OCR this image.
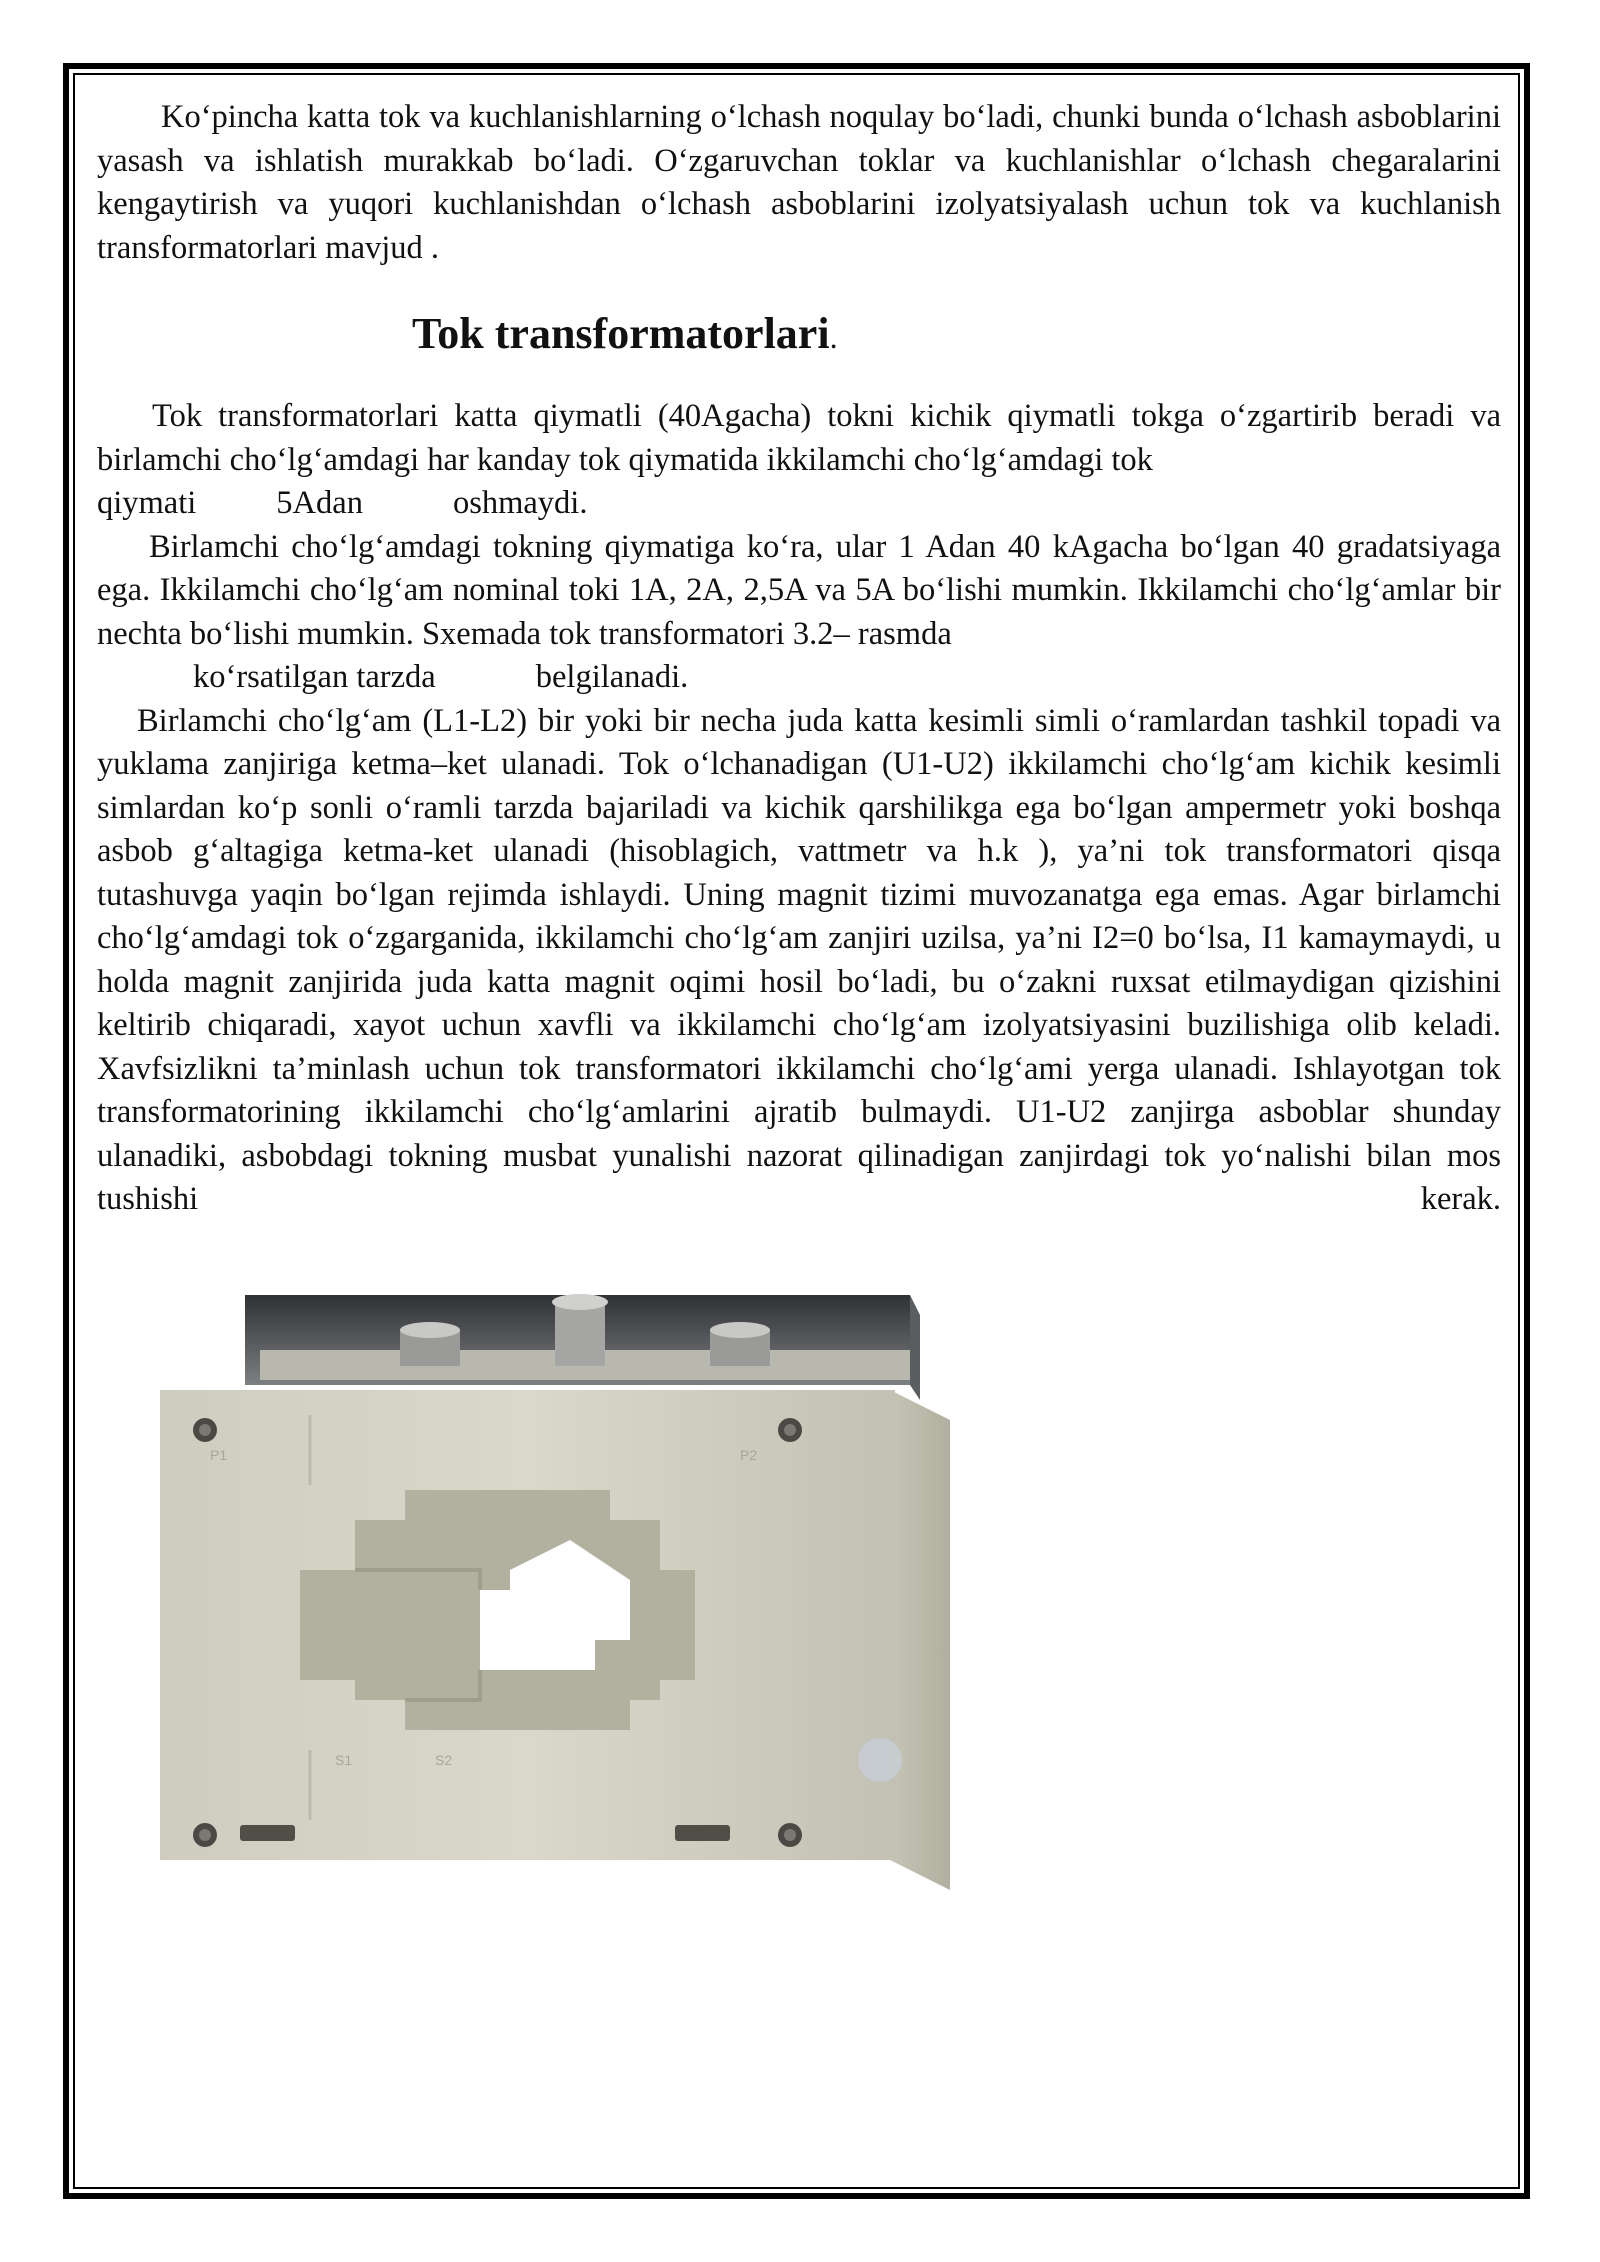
Ko‘pincha katta tok va kuchlanishlarning o‘lchash noqulay bo‘ladi, chunki bunda o‘lchash asboblarini yasash va ishlatish murakkab bo‘ladi. O‘zgaruvchan toklar va kuchlanishlar o‘lchash chegaralarini kengaytirish va yuqori kuchlanishdan o‘lchash asboblarini izolyatsiyalash uchun tok va kuchlanish transformatorlari mavjud .

Tok transformatorlari.

Tok transformatorlari katta qiymatli (40Agacha) tokni kichik qiymatli tokga o‘zgartirib beradi va birlamchi cho‘lg‘amdagi har kanday tok qiymatida ikkilamchi cho‘lg‘amdagi tok
qiymati 5Adan	oshmaydi.

Birlamchi cho‘lg‘amdagi tokning qiymatiga ko‘ra, ular 1 Adan 40 kAgacha bo‘lgan 40 gradatsiyaga ega. Ikkilamchi cho‘lg‘am nominal toki 1A, 2A, 2,5A va 5A bo‘lishi mumkin. Ikkilamchi cho‘lg‘amlar bir nechta bo‘lishi mumkin. Sxemada tok transformatori 3.2– rasmda
ko‘rsatilgan tarzda	belgilanadi.

Birlamchi cho‘lg‘am (L1-L2) bir yoki bir necha juda katta kesimli simli o‘ramlardan tashkil topadi va yuklama zanjiriga ketma–ket ulanadi. Tok o‘lchanadigan (U1-U2) ikkilamchi cho‘lg‘am kichik kesimli simlardan ko‘p sonli o‘ramli tarzda bajariladi va kichik qarshilikga ega bo‘lgan ampermetr yoki boshqa asbob g‘altagiga ketma-ket ulanadi (hisoblagich, vattmetr va h.k ), ya’ni tok transformatori qisqa tutashuvga yaqin bo‘lgan rejimda ishlaydi. Uning magnit tizimi muvozanatga ega emas. Agar birlamchi cho‘lg‘amdagi tok o‘zgarganida, ikkilamchi cho‘lg‘am zanjiri uzilsa, ya’ni I2=0 bo‘lsa, I1 kamaymaydi, u holda magnit zanjirida juda katta magnit oqimi hosil bo‘ladi, bu o‘zakni ruxsat etilmaydigan qizishini keltirib chiqaradi, xayot uchun xavfli va ikkilamchi cho‘lg‘am izolyatsiyasini buzilishiga olib keladi. Xavfsizlikni ta’minlash uchun tok transformatori ikkilamchi cho‘lg‘ami yerga ulanadi. Ishlayotgan tok transformatorining ikkilamchi cho‘lg‘amlarini ajratib bulmaydi. U1-U2 zanjirga asboblar shunday ulanadiki, asbobdagi tokning musbat yunalishi nazorat qilinadigan zanjirdagi tok yo‘nalishi bilan mos tushishi kerak.

P1	P2
S1	S2
